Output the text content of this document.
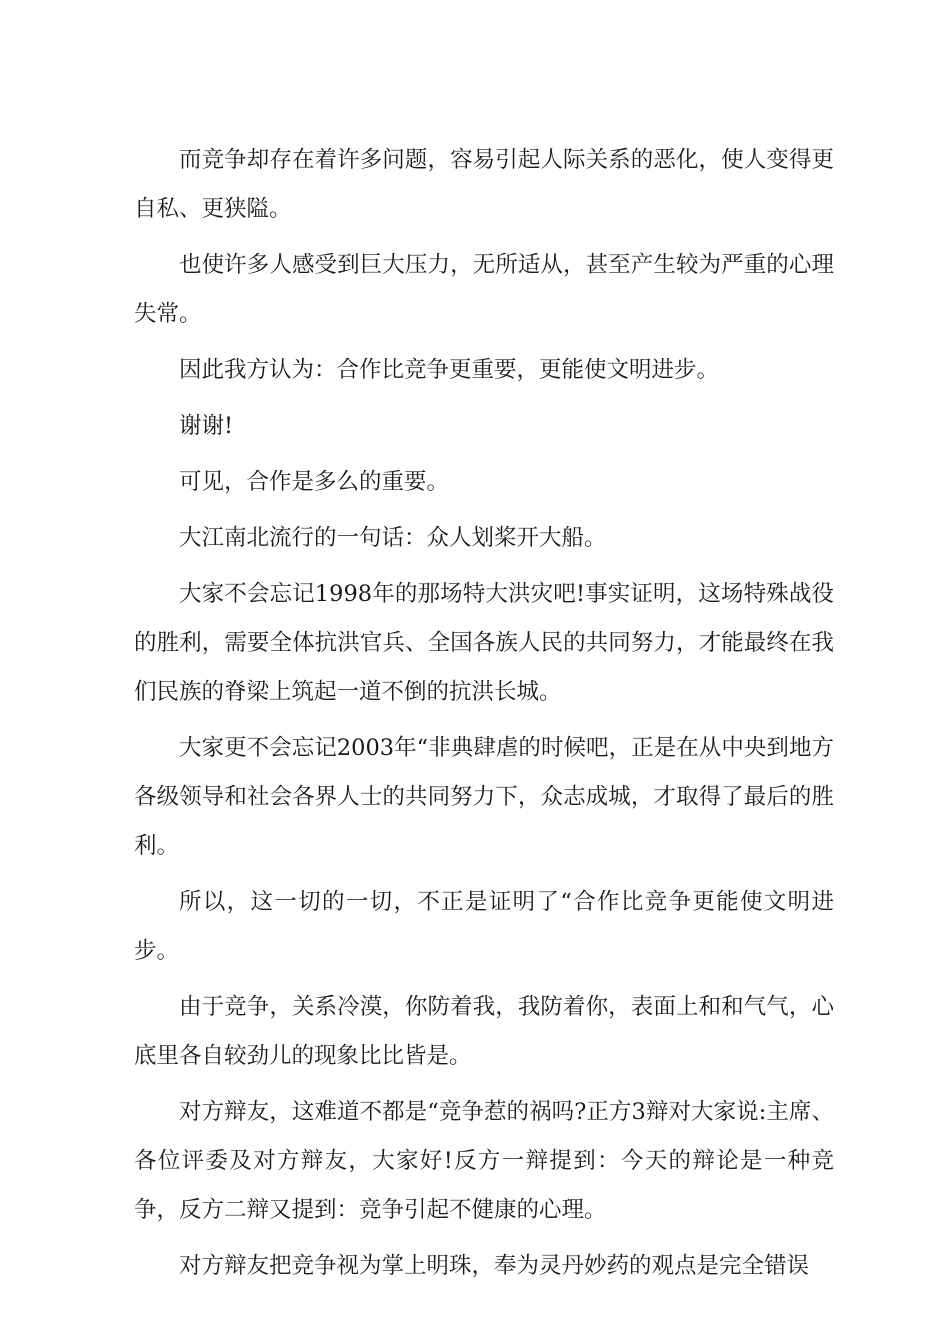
而竞争却存在着许多问题，容易引起人际关系的恶化，使人变得更自私、更狭隘。

也使许多人感受到巨大压力，无所适从，甚至产生较为严重的心理失常。

因此我方认为：合作比竞争更重要，更能使文明进步。

谢谢!

可见，合作是多么的重要。

大江南北流行的一句话：众人划桨开大船。

大家不会忘记1998年的那场特大洪灾吧!事实证明，这场特殊战役的胜利，需要全体抗洪官兵、全国各族人民的共同努力，才能最终在我们民族的脊梁上筑起一道不倒的抗洪长城。

大家更不会忘记2003年“非典肆虐的时候吧，正是在从中央到地方各级领导和社会各界人士的共同努力下，众志成城，才取得了最后的胜利。

所以，这一切的一切，不正是证明了“合作比竞争更能使文明进步。

由于竞争，关系冷漠，你防着我，我防着你，表面上和和气气，心底里各自较劲儿的现象比比皆是。

对方辩友，这难道不都是“竞争惹的祸吗?正方3辩对大家说:主席、各位评委及对方辩友，大家好!反方一辩提到：今天的辩论是一种竞争，反方二辩又提到：竞争引起不健康的心理。

对方辩友把竞争视为掌上明珠，奉为灵丹妙药的观点是完全错误
